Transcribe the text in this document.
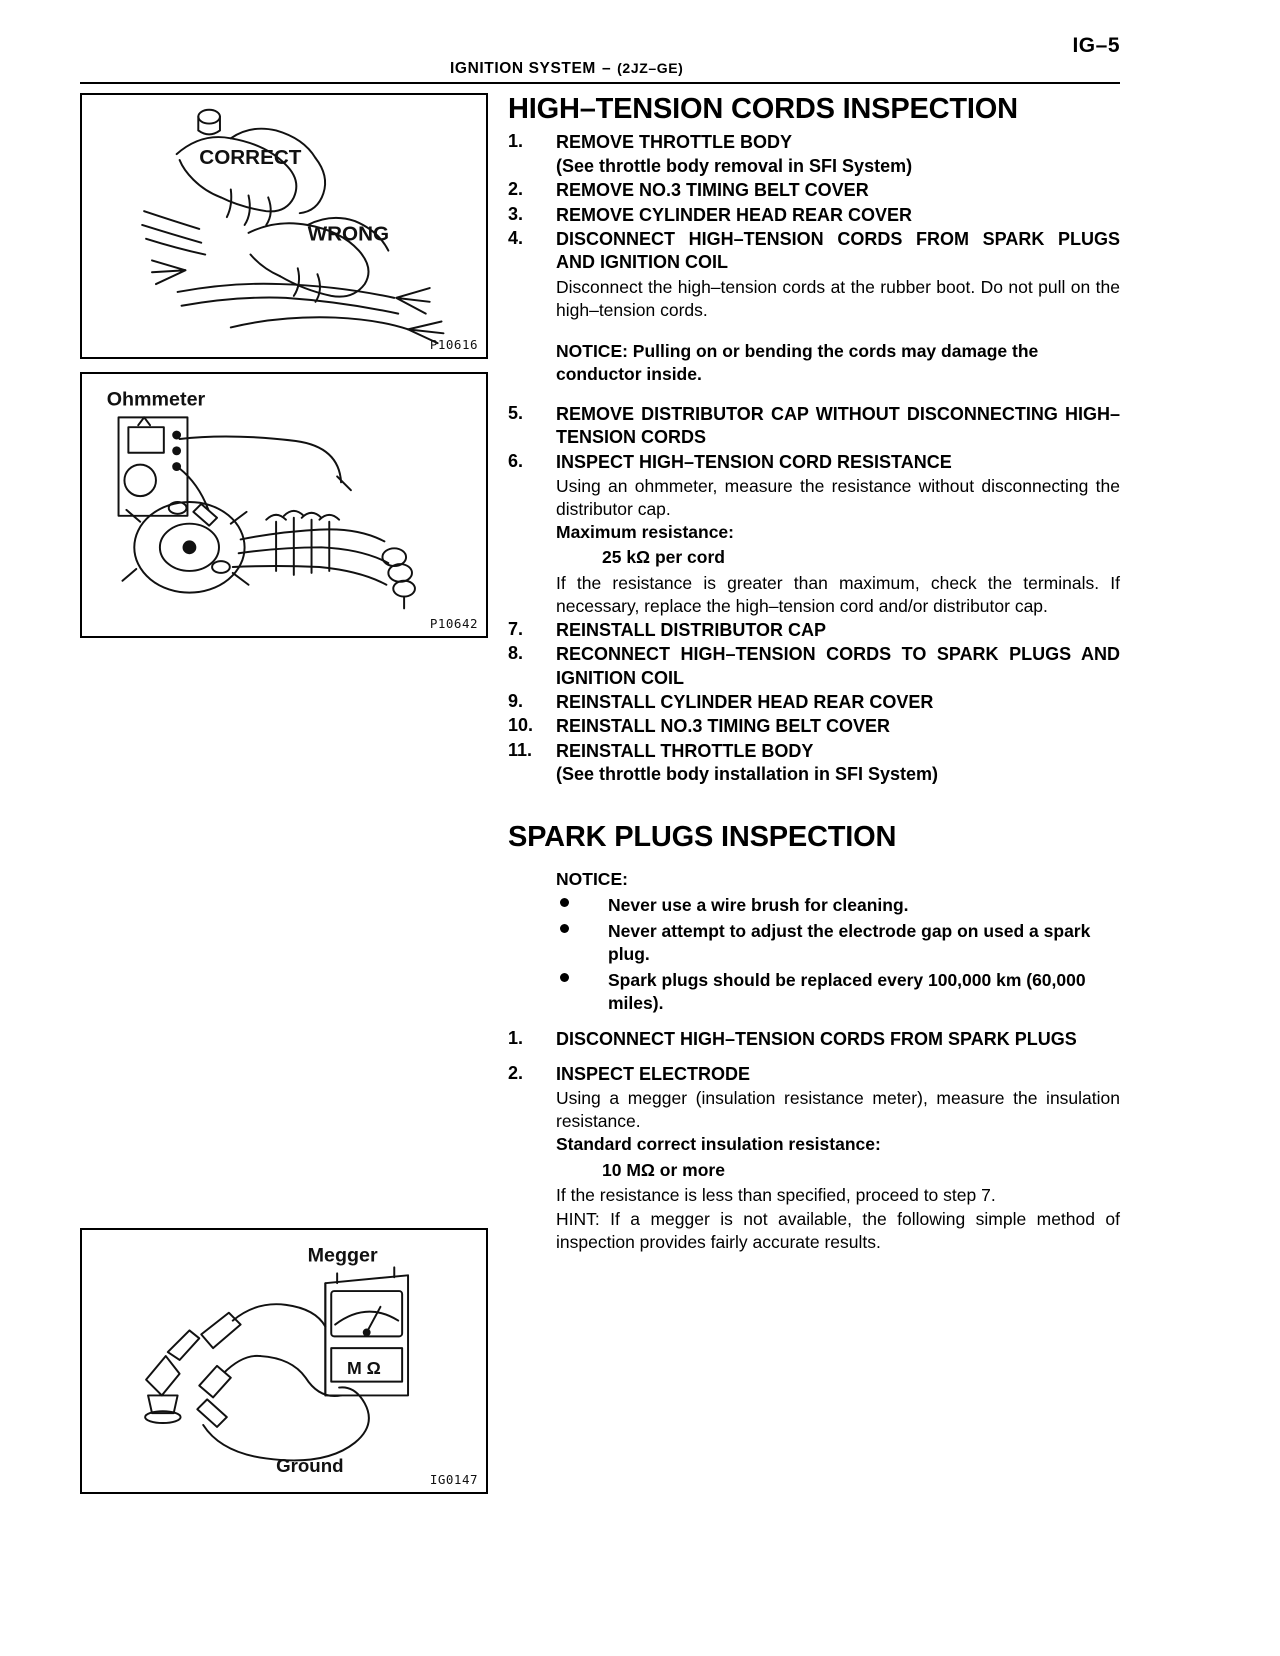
IG–5
IGNITION SYSTEM – (2JZ–GE)
CORRECT
WRONG
P10616
Ohmmeter
P10642
Megger
M Ω
Ground
IG0147
HIGH–TENSION CORDS INSPECTION
1. REMOVE THROTTLE BODY
(See throttle body removal in SFI System)
2. REMOVE NO.3 TIMING BELT COVER
3. REMOVE CYLINDER HEAD REAR COVER
4. DISCONNECT HIGH–TENSION CORDS FROM SPARK PLUGS AND IGNITION COIL
Disconnect the high–tension cords at the rubber boot. Do not pull on the high–tension cords.
NOTICE: Pulling on or bending the cords may damage the conductor inside.
5. REMOVE DISTRIBUTOR CAP WITHOUT DISCONNECTING HIGH–TENSION CORDS
6. INSPECT HIGH–TENSION CORD RESISTANCE
Using an ohmmeter, measure the resistance without disconnecting the distributor cap.
Maximum resistance:
25 kΩ per cord
If the resistance is greater than maximum, check the terminals. If necessary, replace the high–tension cord and/or distributor cap.
7. REINSTALL DISTRIBUTOR CAP
8. RECONNECT HIGH–TENSION CORDS TO SPARK PLUGS AND IGNITION COIL
9. REINSTALL CYLINDER HEAD REAR COVER
10. REINSTALL NO.3 TIMING BELT COVER
11. REINSTALL THROTTLE BODY
(See throttle body installation in SFI System)
SPARK PLUGS INSPECTION
NOTICE:
Never use a wire brush for cleaning.
Never attempt to adjust the electrode gap on used a spark plug.
Spark plugs should be replaced every 100,000 km (60,000 miles).
1. DISCONNECT HIGH–TENSION CORDS FROM SPARK PLUGS
2. INSPECT ELECTRODE
Using a megger (insulation resistance meter), measure the insulation resistance.
Standard correct insulation resistance:
10 MΩ or more
If the resistance is less than specified, proceed to step 7.
HINT: If a megger is not available, the following simple method of inspection provides fairly accurate results.
